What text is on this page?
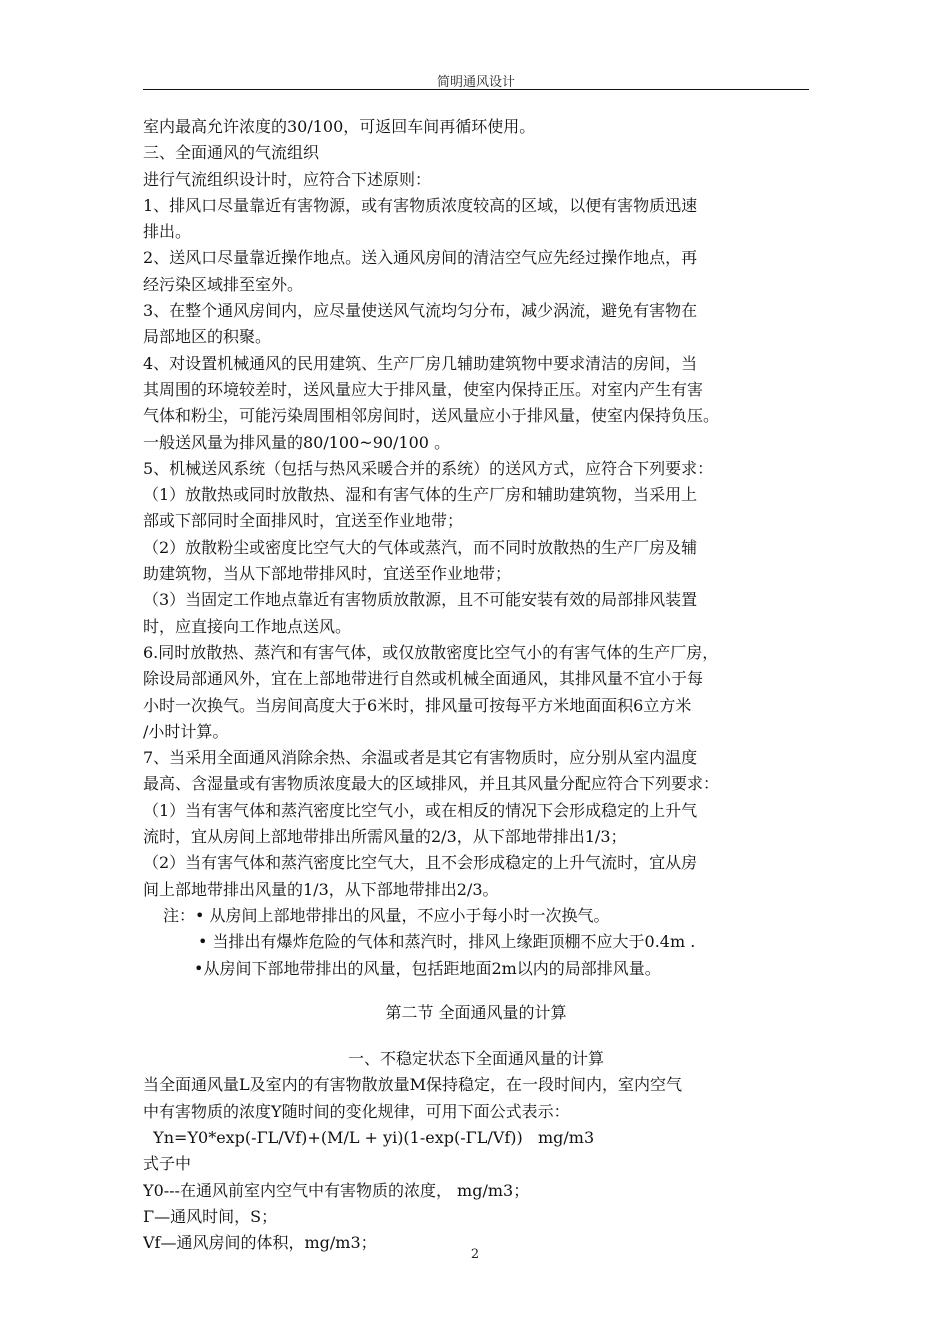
简明通风设计
室内最高允许浓度的30/100，可返回车间再循环使用。
三、全面通风的气流组织
进行气流组织设计时，应符合下述原则：
1、排风口尽量靠近有害物源，或有害物质浓度较高的区域，以便有害物质迅速
排出。
2、送风口尽量靠近操作地点。送入通风房间的清洁空气应先经过操作地点，再
经污染区域排至室外。
3、在整个通风房间内，应尽量使送风气流均匀分布，减少涡流，避免有害物在
局部地区的积聚。
4、对设置机械通风的民用建筑、生产厂房几辅助建筑物中要求清洁的房间，当
其周围的环境较差时，送风量应大于排风量，使室内保持正压。对室内产生有害
气体和粉尘，可能污染周围相邻房间时，送风量应小于排风量，使室内保持负压。
一般送风量为排风量的80/100~90/100 。
5、机械送风系统（包括与热风采暖合并的系统）的送风方式，应符合下列要求：
（1）放散热或同时放散热、湿和有害气体的生产厂房和辅助建筑物，当采用上
部或下部同时全面排风时，宜送至作业地带；
（2）放散粉尘或密度比空气大的气体或蒸汽，而不同时放散热的生产厂房及辅
助建筑物，当从下部地带排风时，宜送至作业地带；
（3）当固定工作地点靠近有害物质放散源，且不可能安装有效的局部排风装置
时，应直接向工作地点送风。
6.同时放散热、蒸汽和有害气体，或仅放散密度比空气小的有害气体的生产厂房，
除设局部通风外，宜在上部地带进行自然或机械全面通风，其排风量不宜小于每
小时一次换气。当房间高度大于6米时，排风量可按每平方米地面面积6立方米
/小时计算。
7、当采用全面通风消除余热、余温或者是其它有害物质时，应分别从室内温度
最高、含湿量或有害物质浓度最大的区域排风，并且其风量分配应符合下列要求：
（1）当有害气体和蒸汽密度比空气小，或在相反的情况下会形成稳定的上升气
流时，宜从房间上部地带排出所需风量的2/3，从下部地带排出1/3；
（2）当有害气体和蒸汽密度比空气大，且不会形成稳定的上升气流时，宜从房
间上部地带排出风量的1/3，从下部地带排出2/3。
注：• 从房间上部地带排出的风量，不应小于每小时一次换气。
• 当排出有爆炸危险的气体和蒸汽时，排风上缘距顶棚不应大于0.4m .
•从房间下部地带排出的风量，包括距地面2m以内的局部排风量。
第二节 全面通风量的计算
一、不稳定状态下全面通风量的计算
当全面通风量L及室内的有害物散放量M保持稳定，在一段时间内，室内空气
中有害物质的浓度Y随时间的变化规律，可用下面公式表示：
Yn=Y0*exp(-ΓL/Vf)+(M/L + yi)(1-exp(-ΓL/Vf))   mg/m3
式子中
Y0---在通风前室内空气中有害物质的浓度， mg/m3；
Γ—通风时间，S；
Vf—通风房间的体积，mg/m3；
2
